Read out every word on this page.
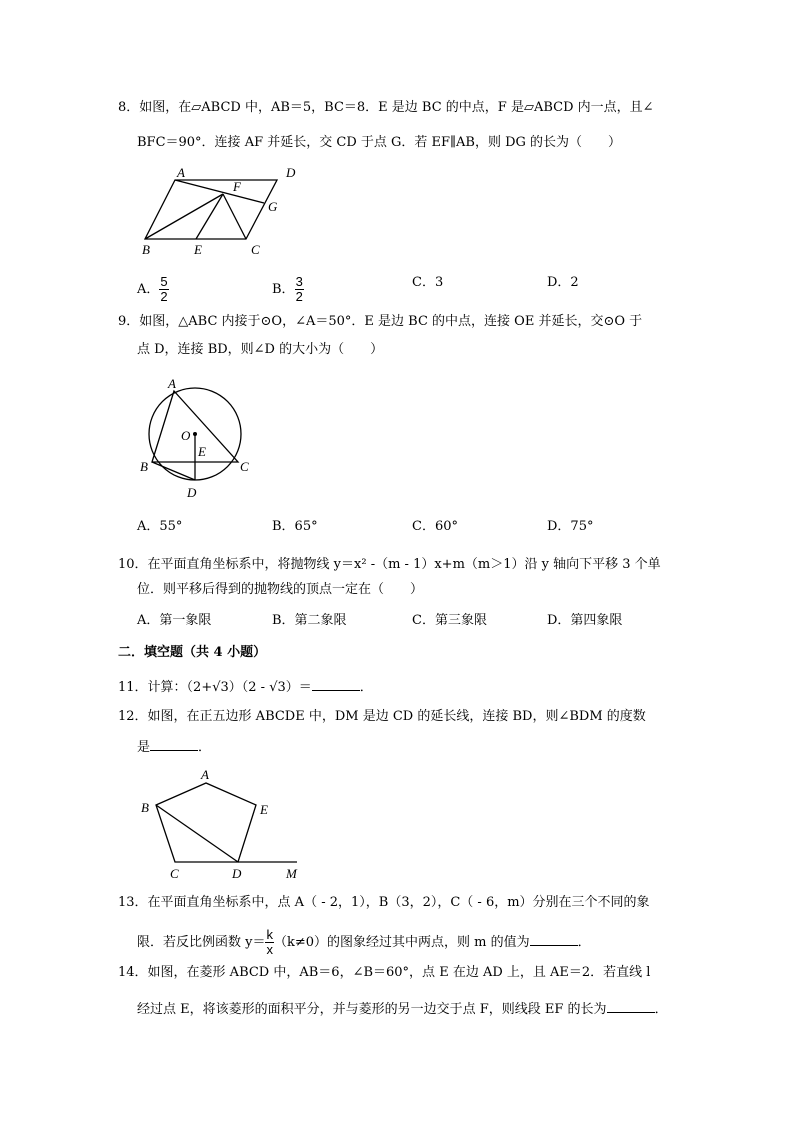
8．如图，在▱ABCD 中，AB＝5，BC＝8．E 是边 BC 的中点，F 是▱ABCD 内一点，且∠
BFC＝90°．连接 AF 并延长，交 CD 于点 G．若 EF∥AB，则 DG 的长为（　　）
A	D
F
G
B	E	C
A． $\frac{5}{2}$	B． $\frac{3}{2}$	C．3	D．2
9．如图，△ABC 内接于⊙O，∠A＝50°．E 是边 BC 的中点，连接 OE 并延长，交⊙O 于
点 D，连接 BD，则∠D 的大小为（　　）
A
O
E
B	C
D
A．55°	B．65°	C．60°	D．75°
10．在平面直角坐标系中，将抛物线 y＝x² -（m - 1）x+m（m＞1）沿 y 轴向下平移 3 个单
位．则平移后得到的抛物线的顶点一定在（　　）
A．第一象限	B．第二象限	C．第三象限	D．第四象限
二．填空题（共 4 小题）
11．计算：（2+√3）（2 - √3）＝	．
12．如图，在正五边形 ABCDE 中，DM 是边 CD 的延长线，连接 BD，则∠BDM 的度数
是	．
A
B	E
C	D	M
13．在平面直角坐标系中，点 A（ - 2，1），B（3，2），C（ - 6，m）分别在三个不同的象
限．若反比例函数 $y= \frac{k}{x} (k\ne 0)$的图象经过其中两点，则 m 的值为	．
14．如图，在菱形 ABCD 中，AB＝6，∠B＝60°，点 E 在边 AD 上，且 AE＝2．若直线 l
经过点 E，将该菱形的面积平分，并与菱形的另一边交于点 F，则线段 EF 的长为	．
